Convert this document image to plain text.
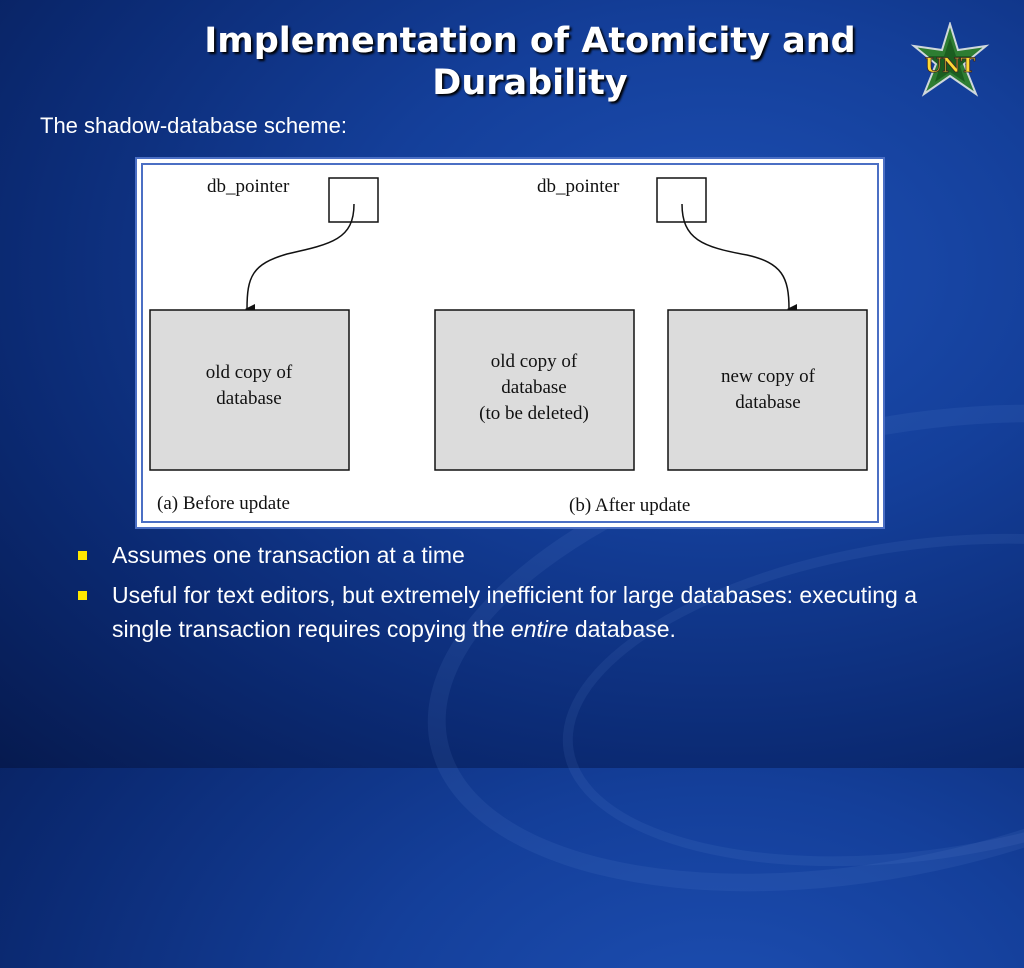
Implementation of Atomicity and Durability	UNT
The shadow-database scheme:
db_pointer
old copy of
database
(a) Before update
db_pointer
old copy of
database
(to be deleted)
new copy of
database
(b) After update
Assumes one transaction at a time
Useful for text editors, but extremely inefficient for large databases: executing a single transaction requires copying the entire database.
